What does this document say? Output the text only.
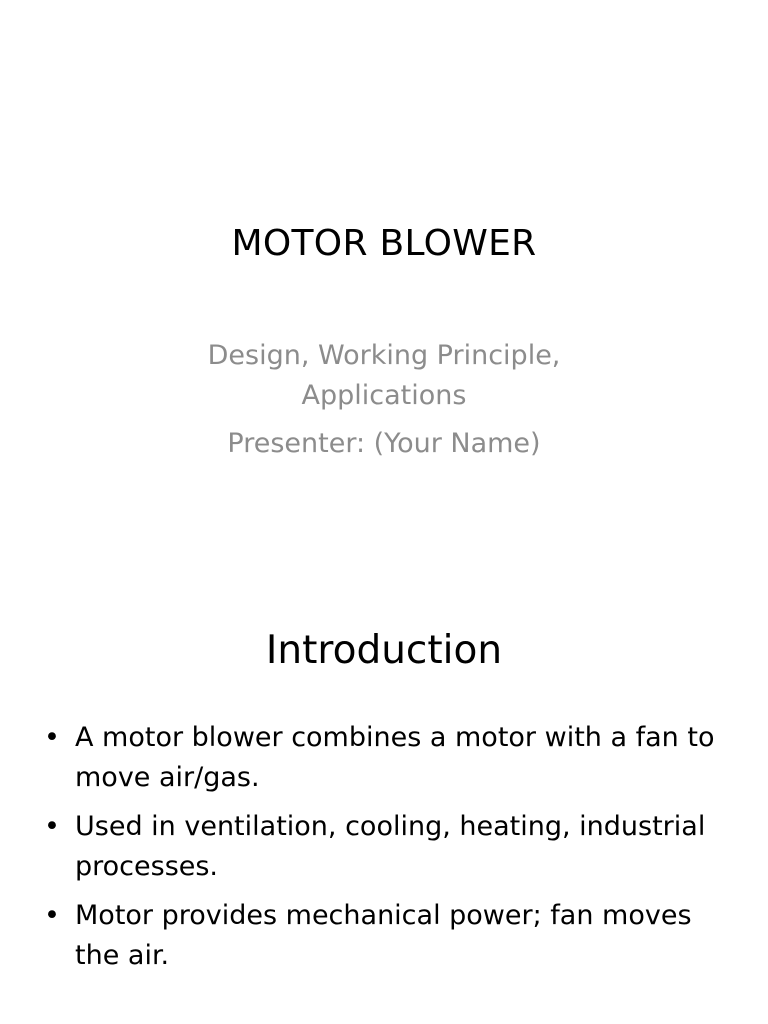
MOTOR BLOWER
Design, Working Principle,
Applications
Presenter: (Your Name)
Introduction
• A motor blower combines a motor with a fan to move air/gas.
• Used in ventilation, cooling, heating, industrial processes.
• Motor provides mechanical power; fan moves the air.
